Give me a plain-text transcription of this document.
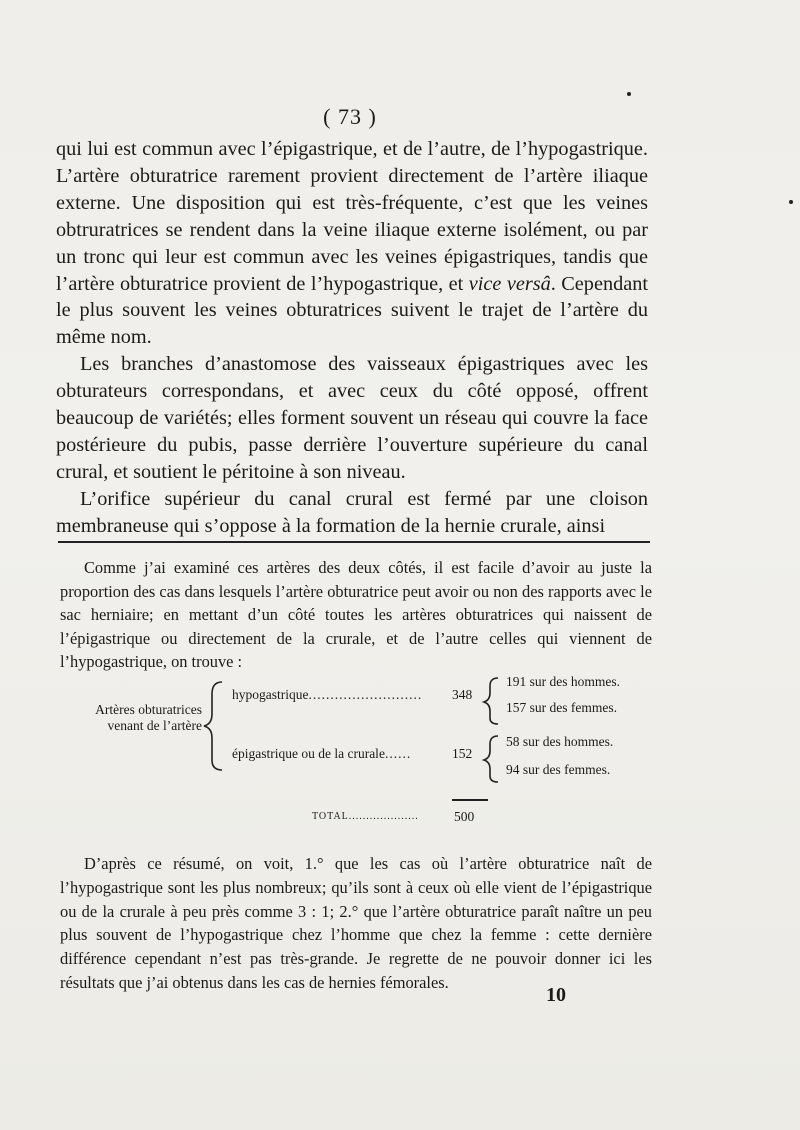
( 73 )

qui lui est commun avec l’épigastrique, et de l’autre, de l’hypogastrique. L’artère obturatrice rarement provient directement de l’artère iliaque externe. Une disposition qui est très-fréquente, c’est que les veines obtruratrices se rendent dans la veine iliaque externe isolément, ou par un tronc qui leur est commun avec les veines épigastriques, tandis que l’artère obturatrice provient de l’hypogastrique, et vice versâ. Cependant le plus souvent les veines obturatrices suivent le trajet de l’artère du même nom.

Les branches d’anastomose des vaisseaux épigastriques avec les obturateurs correspondans, et avec ceux du côté opposé, offrent beaucoup de variétés; elles forment souvent un réseau qui couvre la face postérieure du pubis, passe derrière l’ouverture supérieure du canal crural, et soutient le péritoine à son niveau.

L’orifice supérieur du canal crural est fermé par une cloison membraneuse qui s’oppose à la formation de la hernie crurale, ainsi

Comme j’ai examiné ces artères des deux côtés, il est facile d’avoir au juste la proportion des cas dans lesquels l’artère obturatrice peut avoir ou non des rapports avec le sac herniaire; en mettant d’un côté toutes les artères obturatrices qui naissent de l’épigastrique ou directement de la crurale, et de l’autre celles qui viennent de l’hypogastrique, on trouve :

Artères obturatrices
venant de l’artère
hypogastrique.......................... 348
191 sur des hommes.
157 sur des femmes.
épigastrique ou de la crurale......	152
58 sur des hommes.
94 sur des femmes.
TOTAL....................	500

D’après ce résumé, on voit, 1.° que les cas où l’artère obturatrice naît de l’hypogastrique sont les plus nombreux; qu’ils sont à ceux où elle vient de l’épigastrique ou de la crurale à peu près comme 3 : 1; 2.° que l’artère obturatrice paraît naître un peu plus souvent de l’hypogastrique chez l’homme que chez la femme : cette dernière différence cependant n’est pas très-grande. Je regrette de ne pouvoir donner ici les résultats que j’ai obtenus dans les cas de hernies fémorales.

10
